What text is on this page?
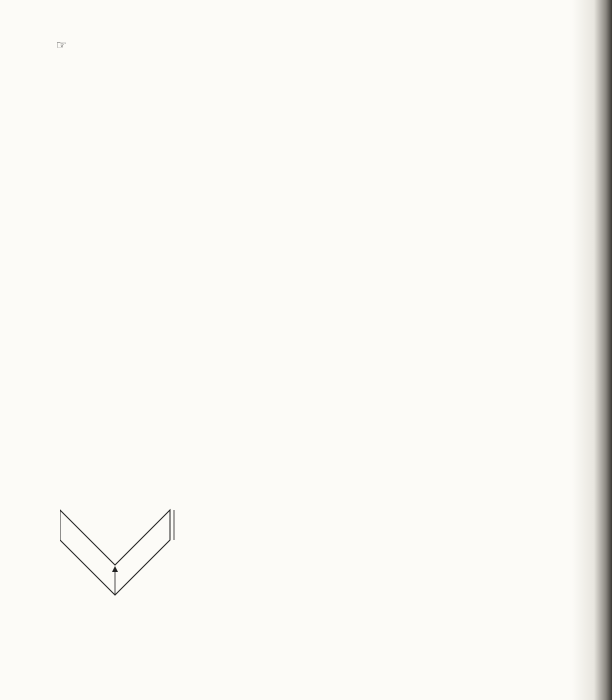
☞
